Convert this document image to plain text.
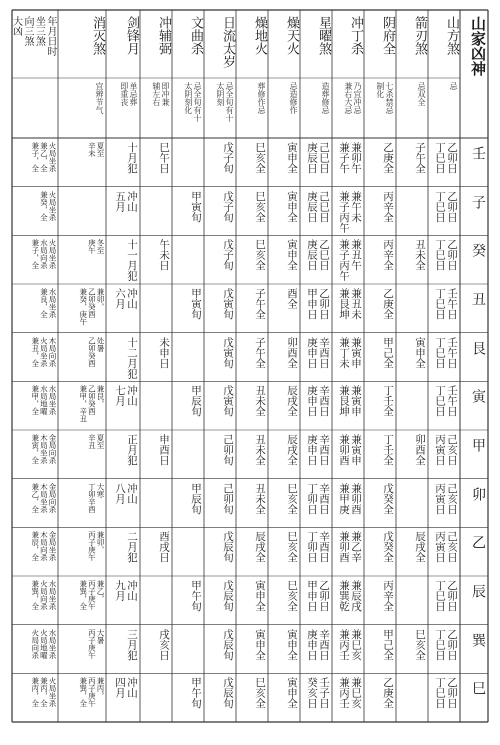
山家凶神
山方煞
忌
箭刃煞
忌双全
阴府全
七杀禁忌
制化
冲丁杀
乃宜冲忌
兼右大忌
星曜煞
造葬修忌
燥天火
忌造修作
燥地火
葬修作忌
日流太岁
忌全旬有十
太阴刻
文曲杀
忌全旬有十
太阴刻化
冲辅弼
即冲兼
辅左右
剑锋月
单忌葬
即重丧
消灭煞
宜辨节气
年月日时
坐三煞
向三煞
大凶
壬
乙卯日
丁巳日
子午全
乙庚全
兼卯午
兼子午
己巳日
庚辰日
寅申全
巳亥全
戊子旬
巳午日
十月犯
夏至
辛未
火局坐杀
兼乙，全
兼子，全
子
乙卯日
丁巳日
丙辛全
兼午未
兼子丙午
己巳日
庚辰日
寅申全
巳亥全
戊子旬
甲寅旬
冲山
五月
火局坐杀
兼癸，全
癸
乙卯日
丁巳日
丑未全
丙辛全
兼丑午
兼子丙午
乙巳日
庚辰日
寅申全
巳亥全
戊子旬
午未日
十一月犯
冬至
庚午
火局坐杀
水局向杀
兼子，全
丑
壬午日
丁巳日
乙庚全
兼丑未
兼艮坤
乙卯日
甲申日
酉全
子午全
戊寅旬
甲寅旬
冲山
六月
兼卯，
乙卯癸酉
兼癸，庚午
水局坐杀
兼良，全
艮
壬午日
丁巳日
寅申全
甲己全
兼寅申
兼丁未
辛酉日
庚申日
卯酉全
子午全
戊寅旬
未申日
十二月犯
处暑
乙卯癸酉
木局向杀
火局坐杀
兼丑，全
寅
壬午日
丁巳日
丁壬全
兼寅申
兼艮坤
辛酉日
庚申日
辰戌全
丑未全
戊寅旬
甲辰旬
冲山
七月
兼艮，
乙卯癸酉
兼甲，辛丑
水局坐杀
水局地曜
兼甲，全
甲
己亥日
丙寅日
卯酉全
丁壬全
兼寅申
兼卯酉
辛酉日
庚申日
辰戌全
丑未全
己卯旬
申酉日
正月犯
夏至
辛丑
金局向杀
木局坐杀
兼寅，全
卯
己亥日
丙寅日
戊癸全
兼卯酉
兼甲庚
辛酉日
丁卯日
巳亥全
丑未全
己卯旬
甲辰旬
冲山
八月
大寒
丁卯辛酉
金局向杀
木局坐杀
兼乙，全
乙
己亥日
丙寅日
辰戌全
戊癸全
兼乙辛
兼卯酉
辛酉日
丁卯日
巳亥全
辰戌全
戊辰旬
酉戌日
二月犯
兼卯，
丙子庚午
金局坐杀
木局向杀
兼辰，全
辰
乙卯日
丁巳日
丙辛全
兼辰戌
兼巽乾
乙卯日
甲申日
巳亥全
寅申全
戊辰旬
甲午旬
冲山
九月
兼乙，
丙子庚午
兼巽，全
水局坐杀
火局向杀
兼巽，全
巽
乙卯日
丁巳日
巳亥全
甲己全
兼巳亥
兼丙壬
辛酉日
庚申日
寅申全
寅申全
戊辰旬
戌亥日
三月犯
大暑
丙子庚午
水局坐杀
火局地曜
火局向杀
巳
乙卯日
丁巳日
乙庚全
兼巳亥
兼丙壬
壬子日
癸亥日
寅申全
巳亥全
戊辰旬
甲午旬
冲山
四月
兼丙，
丙子庚午
兼巽，全
火局坐杀
兼丙，全
兼丙，全
